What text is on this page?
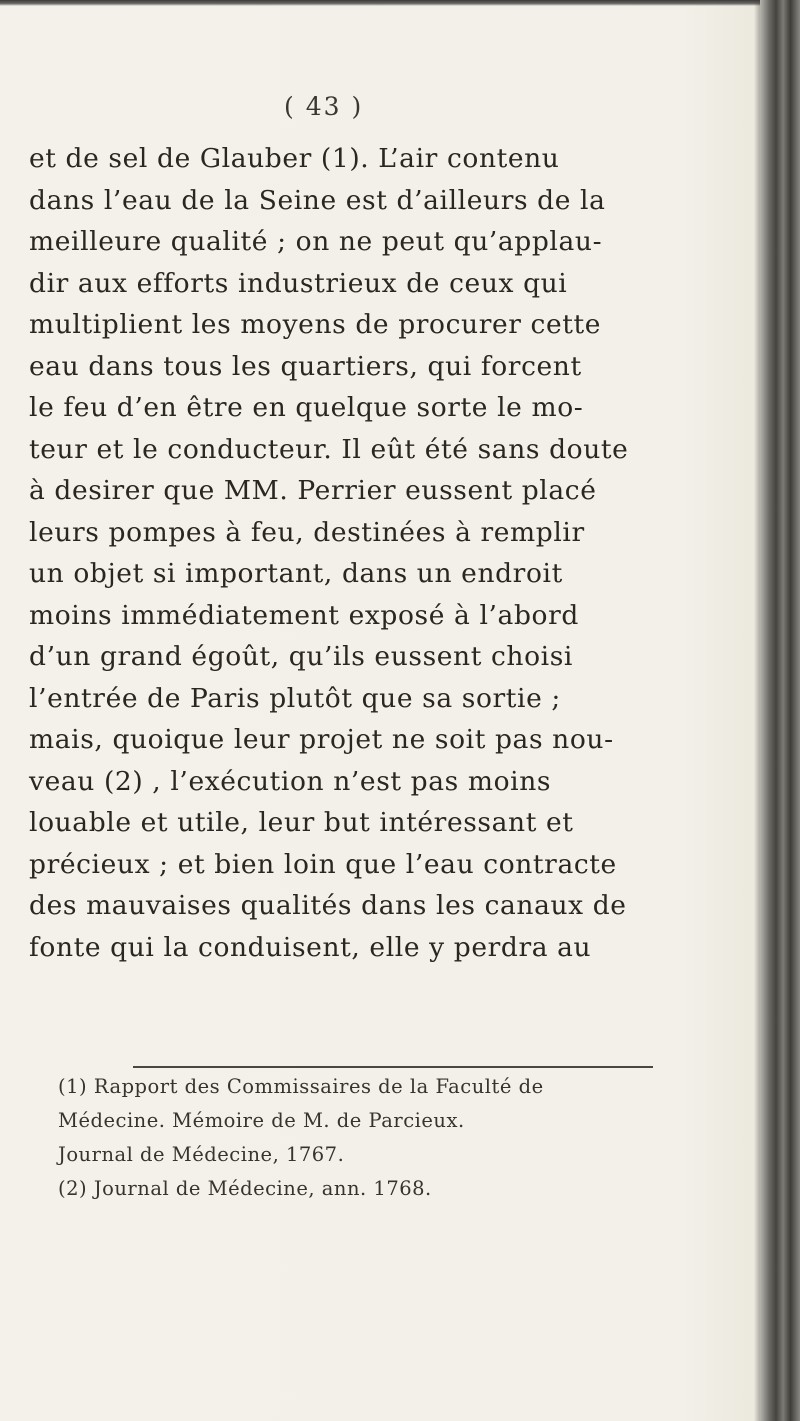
( 43 )
et de sel de Glauber (1). L’air contenu
dans l’eau de la Seine est d’ailleurs de la
meilleure qualité ; on ne peut qu’applau-
dir aux efforts industrieux de ceux qui
multiplient les moyens de procurer cette
eau dans tous les quartiers, qui forcent
le feu d’en être en quelque sorte le mo-
teur et le conducteur. Il eût été sans doute
à desirer que MM. Perrier eussent placé
leurs pompes à feu, destinées à remplir
un objet si important, dans un endroit
moins immédiatement exposé à l’abord
d’un grand égoût, qu’ils eussent choisi
l’entrée de Paris plutôt que sa sortie ;
mais, quoique leur projet ne soit pas nou-
veau (2) , l’exécution n’est pas moins
louable et utile, leur but intéressant et
précieux ; et bien loin que l’eau contracte
des mauvaises qualités dans les canaux de
fonte qui la conduisent, elle y perdra au
(1) Rapport des Commissaires de la Faculté de
Médecine. Mémoire de M. de Parcieux.
Journal de Médecine, 1767.
(2) Journal de Médecine, ann. 1768.
